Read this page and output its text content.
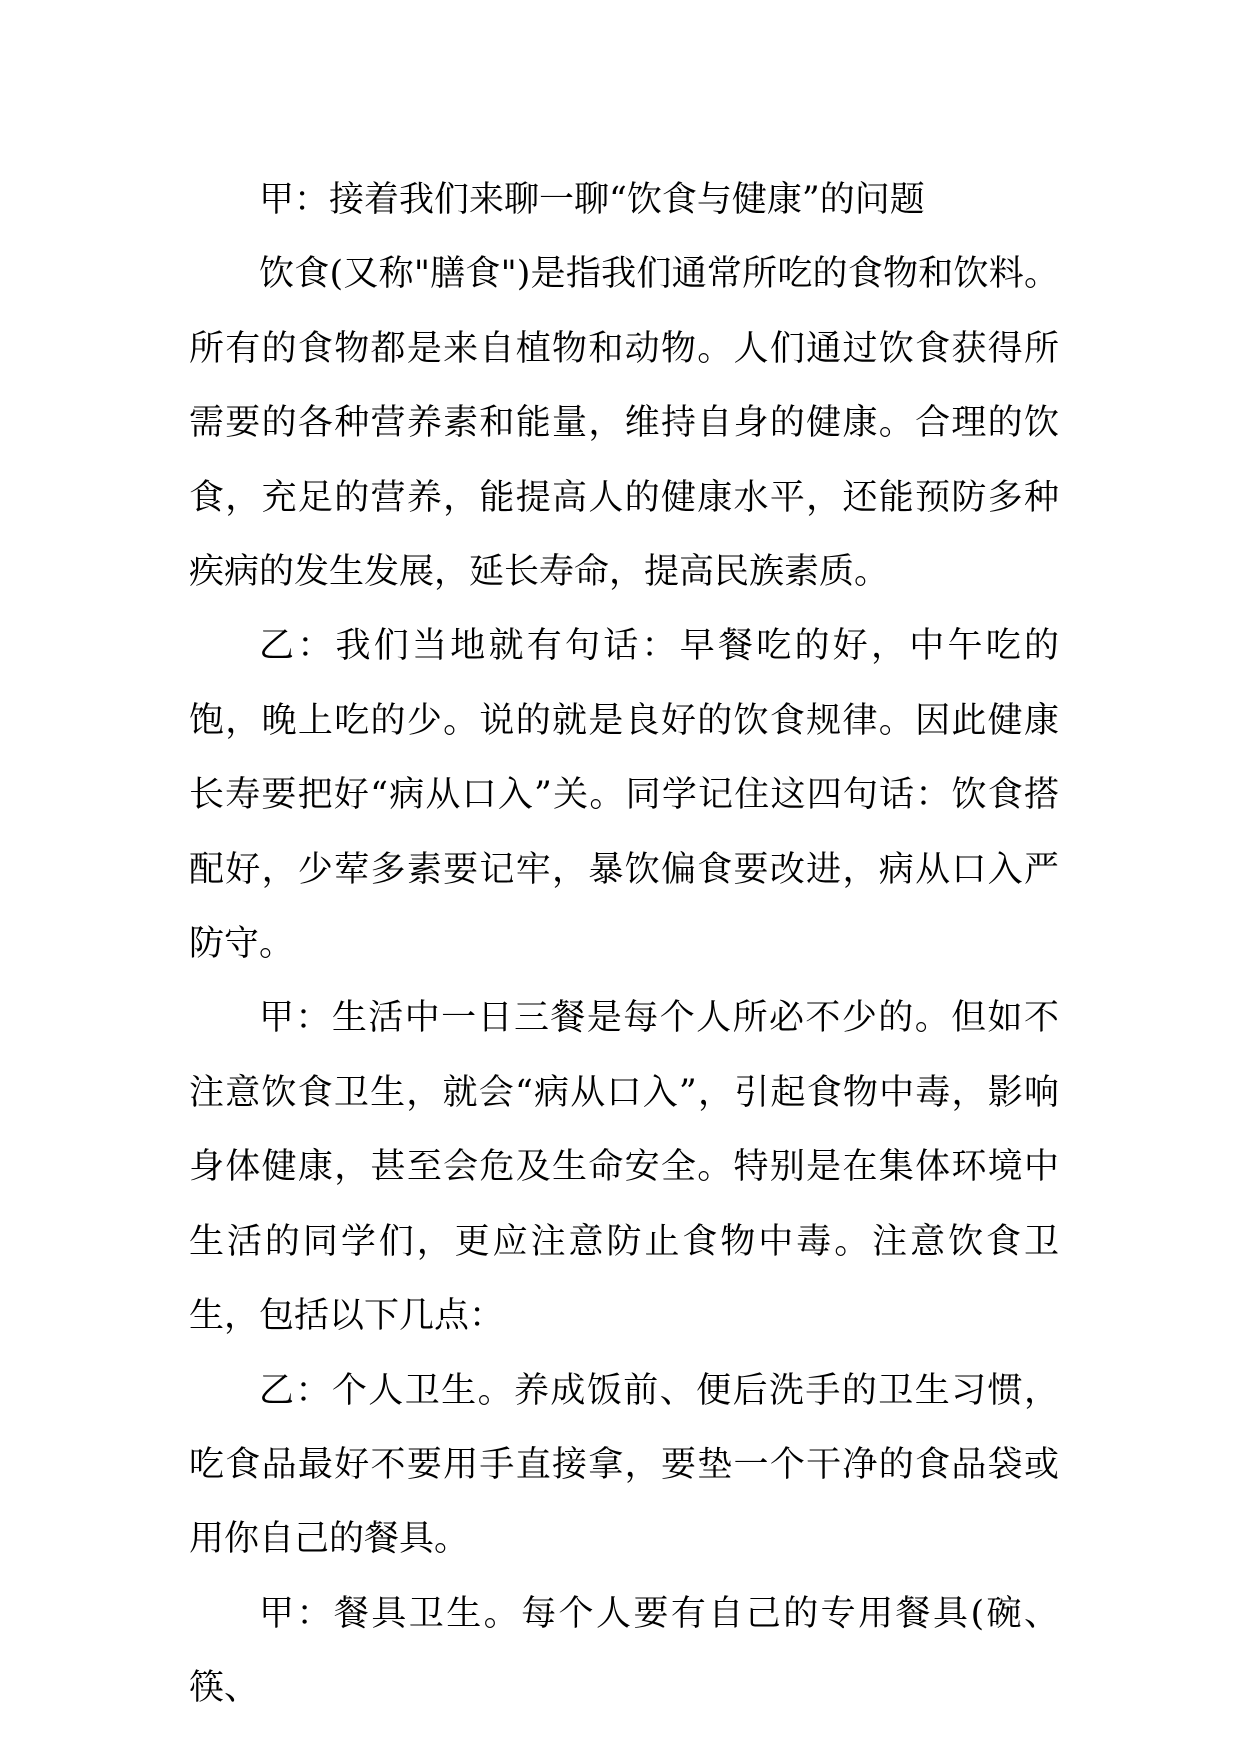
甲：接着我们来聊一聊“饮食与健康”的问题

饮食(又称"膳食")是指我们通常所吃的食物和饮料。所有的食物都是来自植物和动物。人们通过饮食获得所需要的各种营养素和能量，维持自身的健康。合理的饮食，充足的营养，能提高人的健康水平，还能预防多种疾病的发生发展，延长寿命，提高民族素质。

乙：我们当地就有句话：早餐吃的好，中午吃的饱，晚上吃的少。说的就是良好的饮食规律。因此健康长寿要把好“病从口入”关。同学记住这四句话：饮食搭配好，少荤多素要记牢，暴饮偏食要改进，病从口入严防守。

甲：生活中一日三餐是每个人所必不少的。但如不注意饮食卫生，就会“病从口入”，引起食物中毒，影响身体健康，甚至会危及生命安全。特别是在集体环境中生活的同学们，更应注意防止食物中毒。注意饮食卫生，包括以下几点：

乙：个人卫生。养成饭前、便后洗手的卫生习惯，吃食品最好不要用手直接拿，要垫一个干净的食品袋或用你自己的餐具。

甲：餐具卫生。每个人要有自己的专用餐具(碗、筷、
